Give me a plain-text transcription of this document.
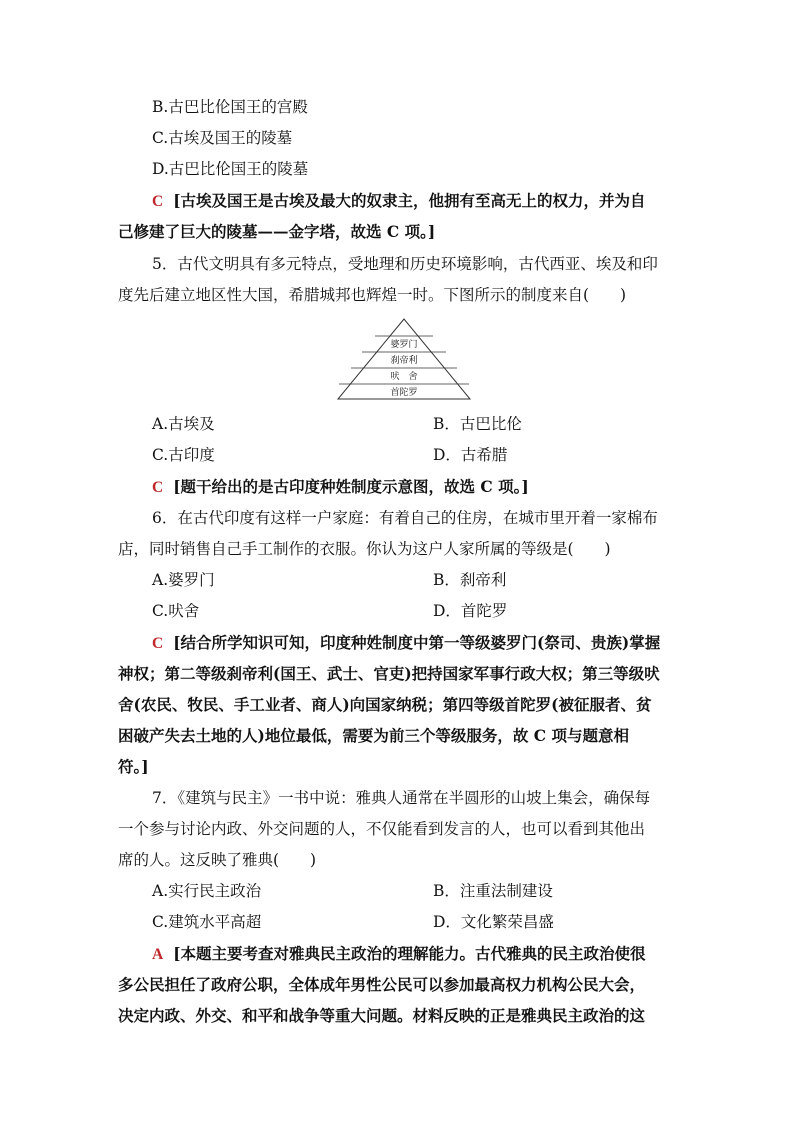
B.古巴比伦国王的宫殿
C.古埃及国王的陵墓
D.古巴比伦国王的陵墓
C [古埃及国王是古埃及最大的奴隶主，他拥有至高无上的权力，并为自
己修建了巨大的陵墓——金字塔，故选 C 项。]
5．古代文明具有多元特点，受地理和历史环境影响，古代西亚、埃及和印
度先后建立地区性大国，希腊城邦也辉煌一时。下图所示的制度来自(　　)
婆罗门
刹帝利
吠　舍
首陀罗
A.古埃及	B．古巴比伦
C.古印度	D．古希腊
C [题干给出的是古印度种姓制度示意图，故选 C 项。]
6．在古代印度有这样一户家庭：有着自己的住房，在城市里开着一家棉布
店，同时销售自己手工制作的衣服。你认为这户人家所属的等级是(　　)
A.婆罗门	B．刹帝利
C.吠舍	D．首陀罗
C [结合所学知识可知，印度种姓制度中第一等级婆罗门(祭司、贵族)掌握
神权；第二等级刹帝利(国王、武士、官吏)把持国家军事行政大权；第三等级吠
舍(农民、牧民、手工业者、商人)向国家纳税；第四等级首陀罗(被征服者、贫
困破产失去土地的人)地位最低，需要为前三个等级服务，故 C 项与题意相
符。]
7．《建筑与民主》一书中说：雅典人通常在半圆形的山坡上集会，确保每
一个参与讨论内政、外交问题的人，不仅能看到发言的人，也可以看到其他出
席的人。这反映了雅典(　　)
A.实行民主政治	B．注重法制建设
C.建筑水平高超	D．文化繁荣昌盛
A [本题主要考查对雅典民主政治的理解能力。古代雅典的民主政治使很
多公民担任了政府公职，全体成年男性公民可以参加最高权力机构公民大会，
决定内政、外交、和平和战争等重大问题。材料反映的正是雅典民主政治的这
